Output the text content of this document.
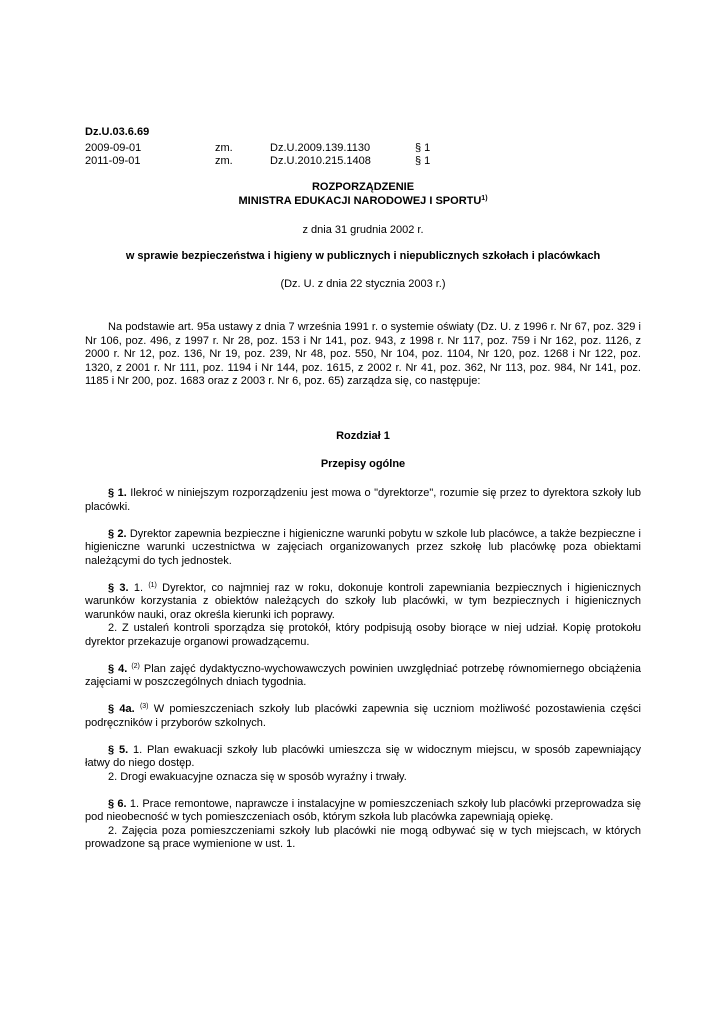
Dz.U.03.6.69
2009-09-01	zm.	Dz.U.2009.139.1130	§ 1
2011-09-01	zm.	Dz.U.2010.215.1408	§ 1
ROZPORZĄDZENIE
MINISTRA EDUKACJI NARODOWEJ I SPORTU$^{1)}$
z dnia 31 grudnia 2002 r.
w sprawie bezpieczeństwa i higieny w publicznych i niepublicznych szkołach i placówkach
(Dz. U. z dnia 22 stycznia 2003 r.)

Na podstawie art. 95a ustawy z dnia 7 września 1991 r. o systemie oświaty (Dz. U. z 1996 r. Nr 67, poz. 329 i Nr 106, poz. 496, z 1997 r. Nr 28, poz. 153 i Nr 141, poz. 943, z 1998 r. Nr 117, poz. 759 i Nr 162, poz. 1126, z 2000 r. Nr 12, poz. 136, Nr 19, poz. 239, Nr 48, poz. 550, Nr 104, poz. 1104, Nr 120, poz. 1268 i Nr 122, poz. 1320, z 2001 r. Nr 111, poz. 1194 i Nr 144, poz. 1615, z 2002 r. Nr 41, poz. 362, Nr 113, poz. 984, Nr 141, poz. 1185 i Nr 200, poz. 1683 oraz z 2003 r. Nr 6, poz. 65) zarządza się, co następuje:

Rozdział 1
Przepisy ogólne

§ 1. Ilekroć w niniejszym rozporządzeniu jest mowa o "dyrektorze", rozumie się przez to dyrektora szkoły lub placówki.

§ 2. Dyrektor zapewnia bezpieczne i higieniczne warunki pobytu w szkole lub placówce, a także bezpieczne i higieniczne warunki uczestnictwa w zajęciach organizowanych przez szkołę lub placówkę poza obiektami należącymi do tych jednostek.

§ 3. 1. $^{(1)}$ Dyrektor, co najmniej raz w roku, dokonuje kontroli zapewniania bezpiecznych i higienicznych warunków korzystania z obiektów należących do szkoły lub placówki, w tym bezpiecznych i higienicznych warunków nauki, oraz określa kierunki ich poprawy.

2. Z ustaleń kontroli sporządza się protokół, który podpisują osoby biorące w niej udział. Kopię protokołu dyrektor przekazuje organowi prowadzącemu.

§ 4. $^{(2)}$ Plan zajęć dydaktyczno-wychowawczych powinien uwzględniać potrzebę równomiernego obciążenia zajęciami w poszczególnych dniach tygodnia.

§ 4a. $^{(3)}$ W pomieszczeniach szkoły lub placówki zapewnia się uczniom możliwość pozostawienia części podręczników i przyborów szkolnych.

§ 5. 1. Plan ewakuacji szkoły lub placówki umieszcza się w widocznym miejscu, w sposób zapewniający łatwy do niego dostęp.

2. Drogi ewakuacyjne oznacza się w sposób wyraźny i trwały.

§ 6. 1. Prace remontowe, naprawcze i instalacyjne w pomieszczeniach szkoły lub placówki przeprowadza się pod nieobecność w tych pomieszczeniach osób, którym szkoła lub placówka zapewniają opiekę.

2. Zajęcia poza pomieszczeniami szkoły lub placówki nie mogą odbywać się w tych miejscach, w których prowadzone są prace wymienione w ust. 1.
